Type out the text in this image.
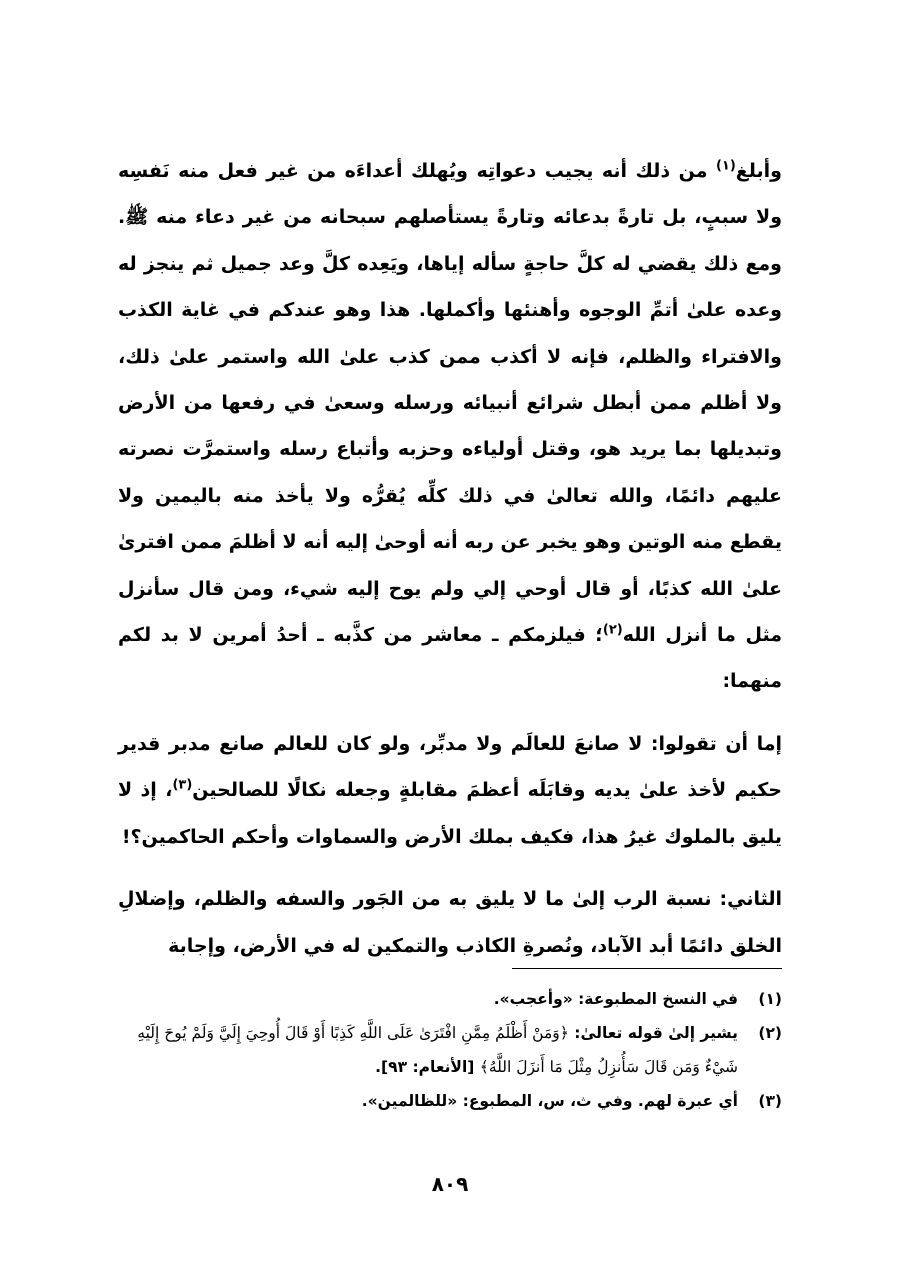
وأبلغ$^{(١)}$ من ذلك أنه يجيب دعواتِه ويُهلك أعداءَه من غير فعل منه نَفسِه ولا سببٍ، بل تارةً بدعائه وتارةً يستأصلهم سبحانه من غير دعاء منه ﷺ. ومع ذلك يقضي له كلَّ حاجةٍ سأله إياها، ويَعِده كلَّ وعد جميل ثم ينجز له وعده علىٰ أتمِّ الوجوه وأهنئها وأكملها. هذا وهو عندكم في غاية الكذب والافتراء والظلم، فإنه لا أكذب ممن كذب علىٰ الله واستمر علىٰ ذلك، ولا أظلم ممن أبطل شرائع أنبيائه ورسله وسعىٰ في رفعها من الأرض وتبديلها بما يريد هو، وقتل أولياءه وحزبه وأتباع رسله واستمرَّت نصرته عليهم دائمًا، والله تعالىٰ في ذلك كلِّه يُقرُّه ولا يأخذ منه باليمين ولا يقطع منه الوتين وهو يخبر عن ربه أنه أوحىٰ إليه أنه لا أظلمَ ممن افترىٰ علىٰ الله كذبًا، أو قال أوحي إلي ولم يوح إليه شيء، ومن قال سأنزل مثل ما أنزل الله$^{(٢)}$؛ فيلزمكم ـ معاشر من كذَّبه ـ أحدُ أمرين لا بد لكم منهما:

إما أن تقولوا: لا صانعَ للعالَم ولا مدبِّر، ولو كان للعالم صانع مدبر قدير حكيم لأخذ علىٰ يديه وقابَلَه أعظمَ مقابلةٍ وجعله نكالًا للصالحين$^{(٣)}$، إذ لا يليق بالملوك غيرُ هذا، فكيف بملك الأرض والسماوات وأحكم الحاكمين؟!

الثاني: نسبة الرب إلىٰ ما لا يليق به من الجَور والسفه والظلم، وإضلالِ الخلق دائمًا أبد الآباد، ونُصرةِ الكاذب والتمكين له في الأرض، وإجابة

(١)
في النسخ المطبوعة: «وأعجب».

(٢)
يشير إلىٰ قوله تعالىٰ: ﴿وَمَنْ أَظْلَمُ مِمَّنِ افْتَرَىٰ عَلَى اللَّهِ كَذِبًا أَوْ قَالَ أُوحِيَ إِلَيَّ وَلَمْ يُوحَ إِلَيْهِ شَيْءٌ وَمَن قَالَ سَأُنزِلُ مِثْلَ مَا أَنزَلَ اللَّهُ﴾ [الأنعام: ٩٣].

(٣)
أي عبرة لهم. وفي ث، س، المطبوع: «للظالمين».

٨٠٩
